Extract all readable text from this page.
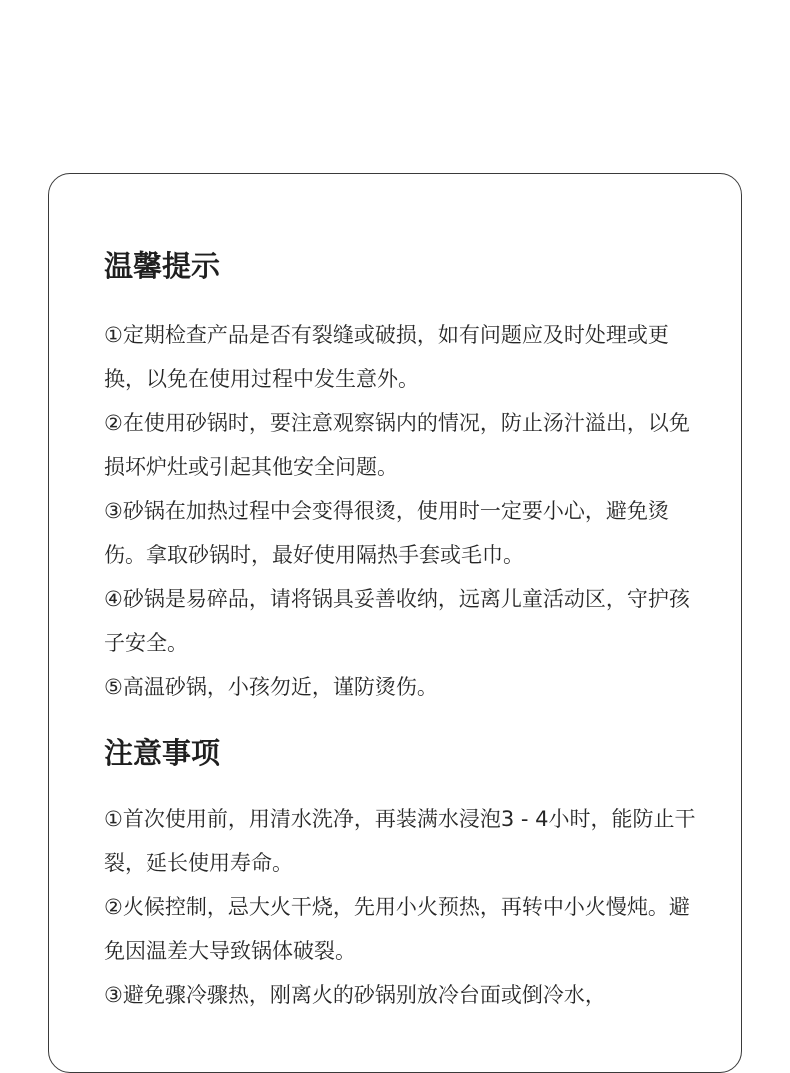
温馨提示

①定期检查产品是否有裂缝或破损，如有问题应及时处理或更换，以免在使用过程中发生意外。

②在使用砂锅时，要注意观察锅内的情况，防止汤汁溢出，以免损坏炉灶或引起其他安全问题。

③砂锅在加热过程中会变得很烫，使用时一定要小心，避免烫伤。拿取砂锅时，最好使用隔热手套或毛巾。

④砂锅是易碎品，请将锅具妥善收纳，远离儿童活动区，守护孩子安全。

⑤高温砂锅，小孩勿近，谨防烫伤。

注意事项

①首次使用前，用清水洗净，再装满水浸泡3 - 4小时，能防止干裂，延长使用寿命。

②火候控制，忌大火干烧，先用小火预热，再转中小火慢炖。避免因温差大导致锅体破裂。

③避免骤冷骤热，刚离火的砂锅别放冷台面或倒冷水，
